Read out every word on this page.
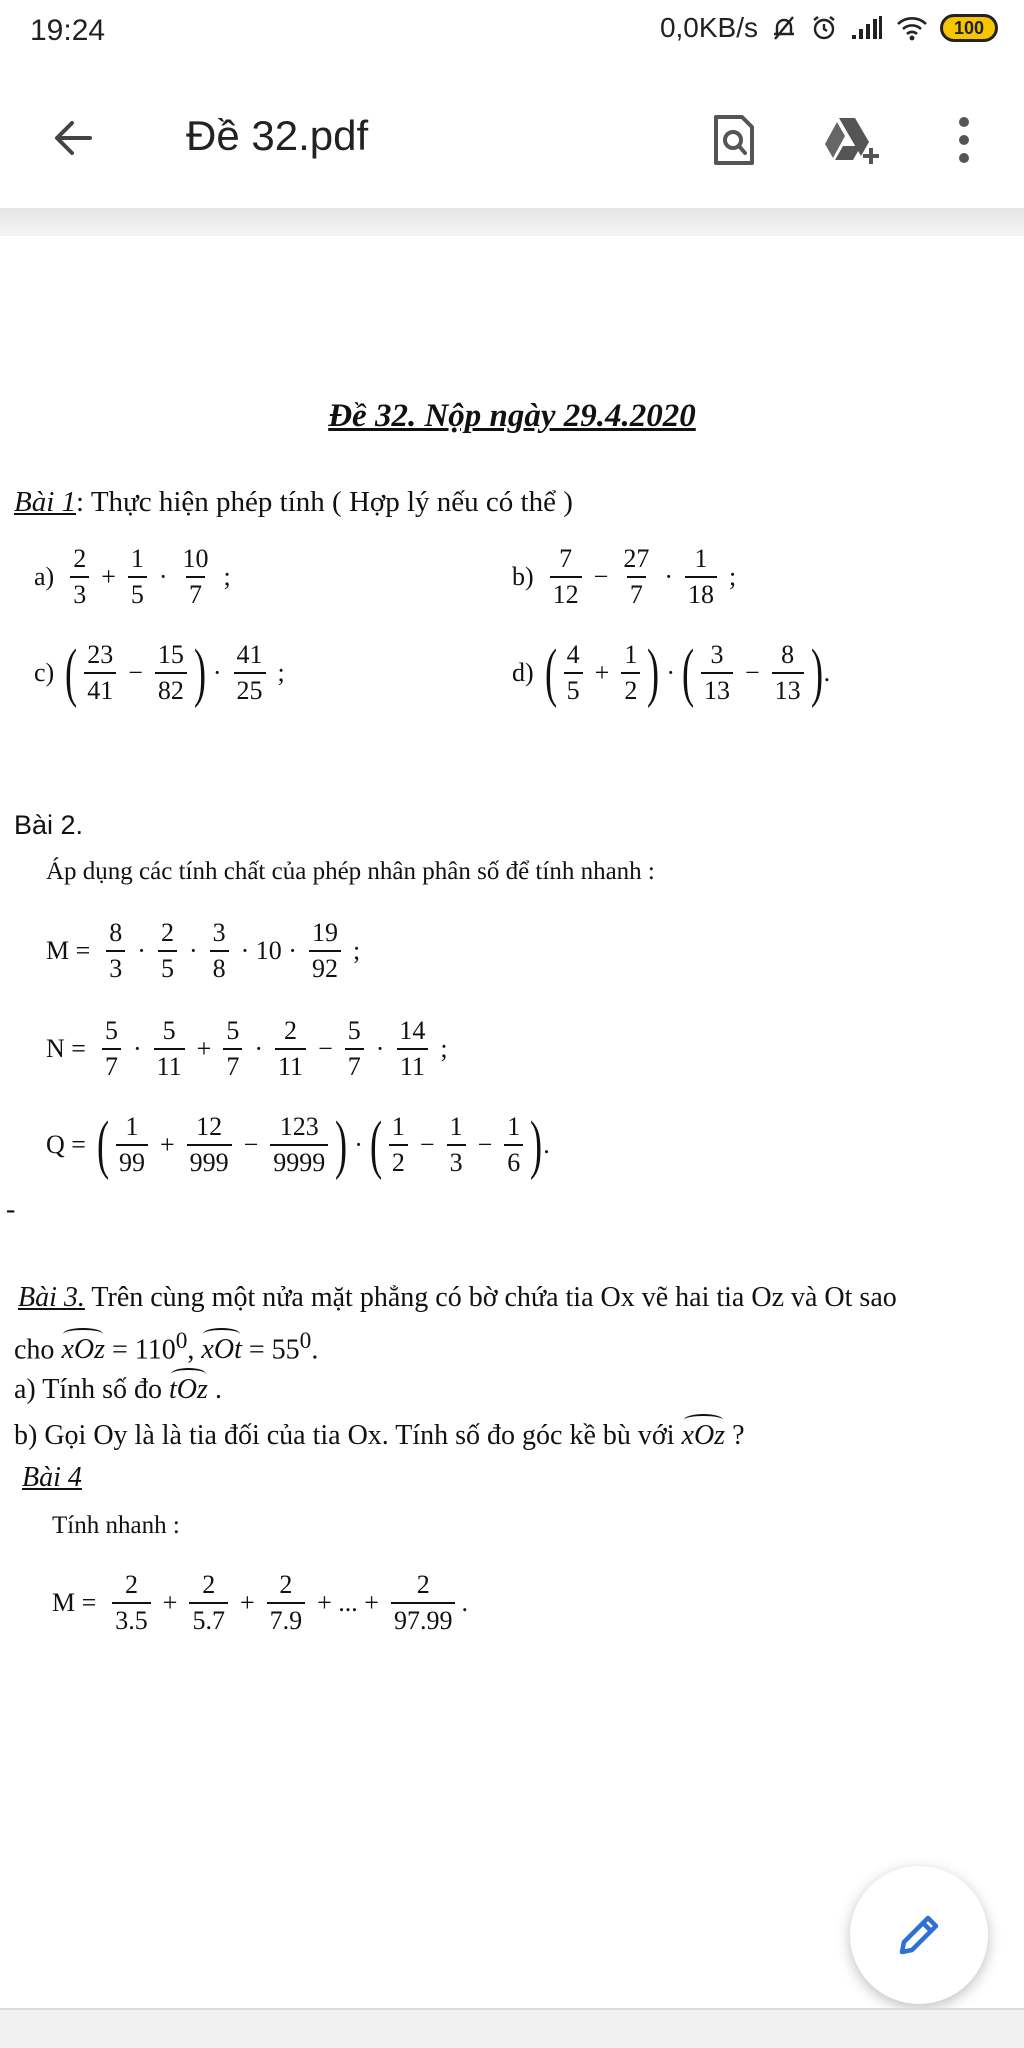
19:24	0,0KB/s	100
Đề 32.pdf
Đề 32. Nộp ngày 29.4.2020
Bài 1: Thực hiện phép tính ( Hợp lý nếu có thể )
$a) \frac{2}{3} + \frac{1}{5} \cdot \frac{10}{7}$ ;	$b) \frac{7}{12} - \frac{27}{7} \cdot \frac{1}{18}$ ;
c) ( $\frac{23}{41} - \frac{15}{82}$ ) · $\frac{41}{25}$ ;	d) ( $\frac{4}{5} + \frac{1}{2}$ ) · ( $\frac{3}{13} - \frac{8}{13}$ ) .
Bài 2.
Áp dụng các tính chất của phép nhân phân số để tính nhanh :
$M = \frac{8}{3} \cdot \frac{2}{5} \cdot \frac{3}{8} \cdot 10 \cdot \frac{19}{92}$ ;
$N = \frac{5}{7} \cdot \frac{5}{11} + \frac{5}{7} \cdot \frac{2}{11} - \frac{5}{7} \cdot \frac{14}{11}$ ;
Q = ( $\frac{1}{99} + \frac{12}{999} - \frac{123}{9999}$ ) · ( $\frac{1}{2} - \frac{1}{3} - \frac{1}{6}$ ) .
-
Bài 3. Trên cùng một nửa mặt phẳng có bờ chứa tia Ox vẽ hai tia Oz và Ot sao
cho xOz = $110^0$, xOt = $55^0$.
a) Tính số đo tOz .
b) Gọi Oy là là tia đối của tia Ox. Tính số đo góc kề bù với xOz ?
Bài 4
Tính nhanh :
$M = \frac{2}{3.5} + \frac{2}{5.7} + \frac{2}{7.9}$ + ... + $\frac{2}{97.99}$ .
